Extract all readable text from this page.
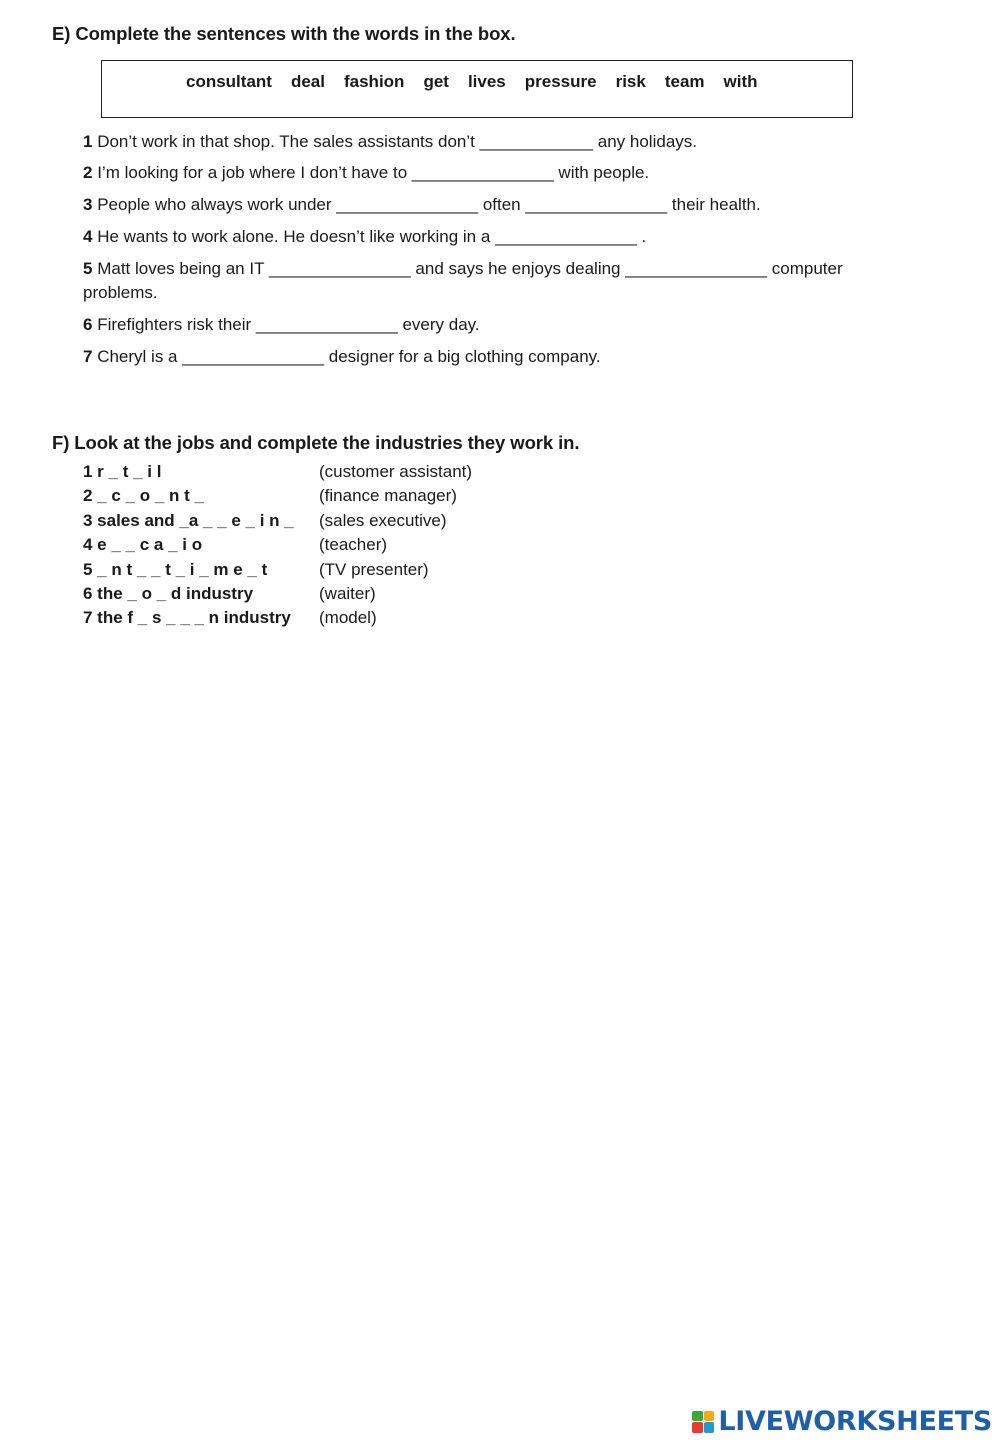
E) Complete the sentences with the words in the box.
consultant deal fashion get lives pressure risk team with
1 Don’t work in that shop. The sales assistants don’t ____________ any holidays.
2 I’m looking for a job where I don’t have to _______________ with people.
3 People who always work under _______________ often _______________ their health.
4 He wants to work alone. He doesn’t like working in a _______________ .
5 Matt loves being an IT _______________ and says he enjoys dealing _______________ computer problems.
6 Firefighters risk their _______________ every day.
7 Cheryl is a _______________ designer for a big clothing company.
F) Look at the jobs and complete the industries they work in.
1 r _ t _ i l	(customer assistant)
2 _ c _ o _ n t _	(finance manager)
3 sales and _a _ _ e _ i n _ (sales executive)
4 e _ _ c a _ i o	(teacher)
5 _ n t _ _ t _ i _ m e _ t	(TV presenter)
6 the _ o _ d industry	(waiter)
7 the f _ s _ _ _ n industry (model)
LIVEWORKSHEETS
